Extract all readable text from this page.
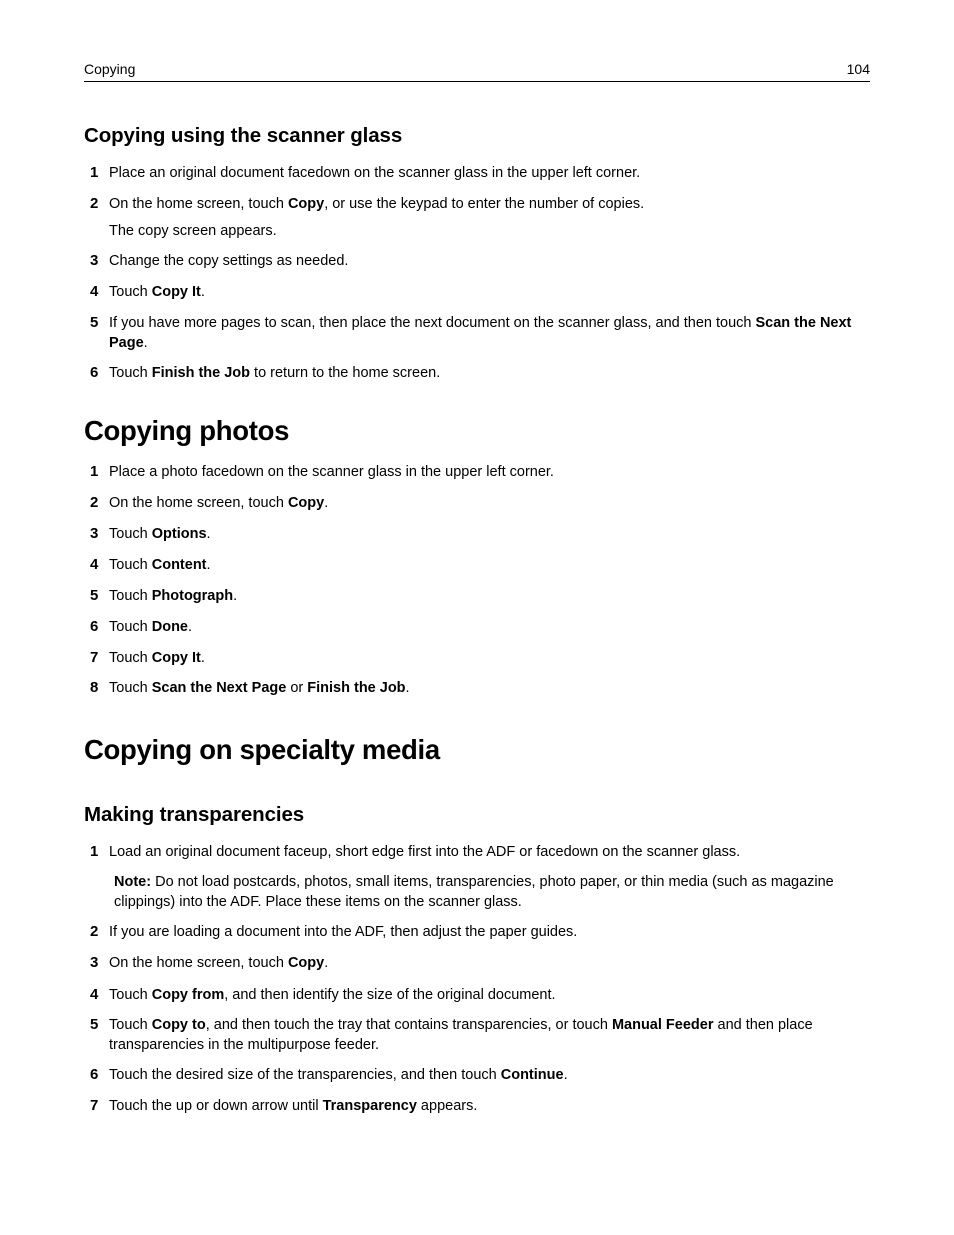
Copying	104
Copying using the scanner glass
1 Place an original document facedown on the scanner glass in the upper left corner.
2 On the home screen, touch Copy, or use the keypad to enter the number of copies.
The copy screen appears.
3 Change the copy settings as needed.
4 Touch Copy It.
5 If you have more pages to scan, then place the next document on the scanner glass, and then touch Scan the Next Page.
6 Touch Finish the Job to return to the home screen.
Copying photos
1 Place a photo facedown on the scanner glass in the upper left corner.
2 On the home screen, touch Copy.
3 Touch Options.
4 Touch Content.
5 Touch Photograph.
6 Touch Done.
7 Touch Copy It.
8 Touch Scan the Next Page or Finish the Job.
Copying on specialty media
Making transparencies
1 Load an original document faceup, short edge first into the ADF or facedown on the scanner glass.
Note: Do not load postcards, photos, small items, transparencies, photo paper, or thin media (such as magazine clippings) into the ADF. Place these items on the scanner glass.
2 If you are loading a document into the ADF, then adjust the paper guides.
3 On the home screen, touch Copy.
4 Touch Copy from, and then identify the size of the original document.
5 Touch Copy to, and then touch the tray that contains transparencies, or touch Manual Feeder and then place transparencies in the multipurpose feeder.
6 Touch the desired size of the transparencies, and then touch Continue.
7 Touch the up or down arrow until Transparency appears.
